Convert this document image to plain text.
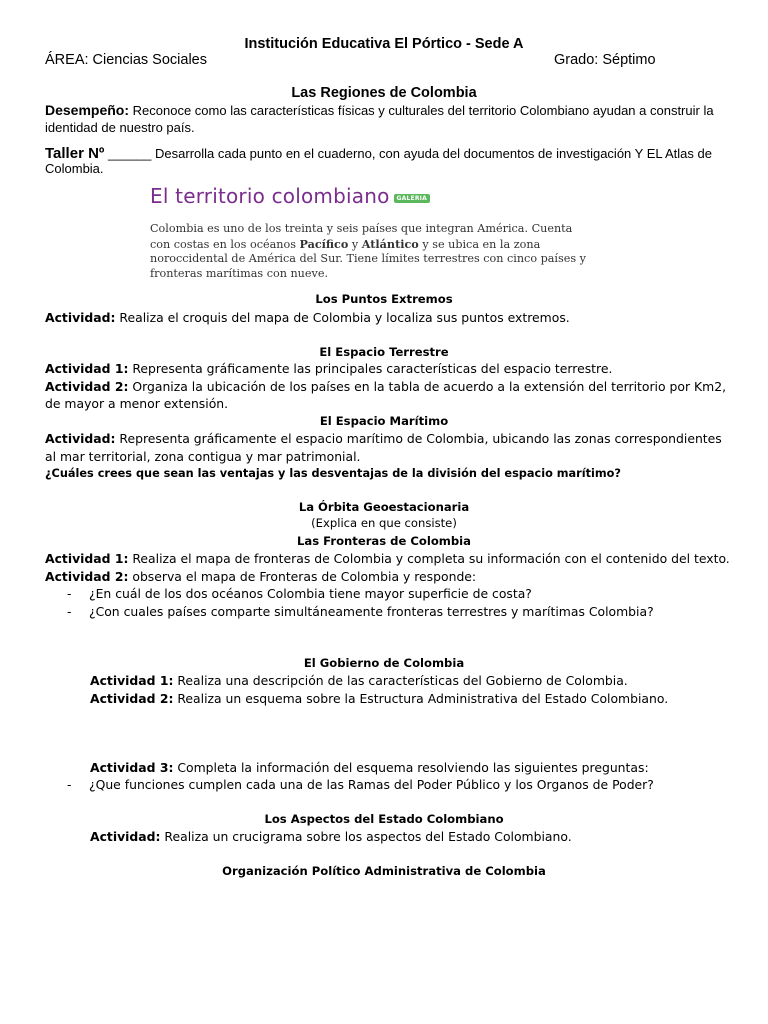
Institución Educativa El Pórtico - Sede A
ÁREA: Ciencias Sociales	Grado: Séptimo
Las Regiones de Colombia
Desempeño: Reconoce como las características físicas y culturales del territorio Colombiano ayudan a construir la identidad de nuestro país.
Taller Nº ______ Desarrolla cada punto en el cuaderno, con ayuda del documentos de investigación Y EL Atlas de Colombia.
El territorio colombiano GALERIA
Colombia es uno de los treinta y seis países que integran América. Cuenta con costas en los océanos Pacífico y Atlántico y se ubica en la zona noroccidental de América del Sur. Tiene límites terrestres con cinco países y fronteras marítimas con nueve.
Los Puntos Extremos
Actividad: Realiza el croquis del mapa de Colombia y localiza sus puntos extremos.
El Espacio Terrestre
Actividad 1: Representa gráficamente las principales características del espacio terrestre.
Actividad 2: Organiza la ubicación de los países en la tabla de acuerdo a la extensión del territorio por Km2, de mayor a menor extensión.
El Espacio Marítimo
Actividad: Representa gráficamente el espacio marítimo de Colombia, ubicando las zonas correspondientes al mar territorial, zona contigua y mar patrimonial.
¿Cuáles crees que sean las ventajas y las desventajas de la división del espacio marítimo?
La Órbita Geoestacionaria
(Explica en que consiste)
Las Fronteras de Colombia
Actividad 1: Realiza el mapa de fronteras de Colombia y completa su información con el contenido del texto.
Actividad 2: observa el mapa de Fronteras de Colombia y responde:
- ¿En cuál de los dos océanos Colombia tiene mayor superficie de costa?
- ¿Con cuales países comparte simultáneamente fronteras terrestres y marítimas Colombia?
El Gobierno de Colombia
Actividad 1: Realiza una descripción de las características del Gobierno de Colombia.
Actividad 2: Realiza un esquema sobre la Estructura Administrativa del Estado Colombiano.
Actividad 3: Completa la información del esquema resolviendo las siguientes preguntas:
- ¿Que funciones cumplen cada una de las Ramas del Poder Público y los Organos de Poder?
Los Aspectos del Estado Colombiano
Actividad: Realiza un crucigrama sobre los aspectos del Estado Colombiano.
Organización Político Administrativa de Colombia
